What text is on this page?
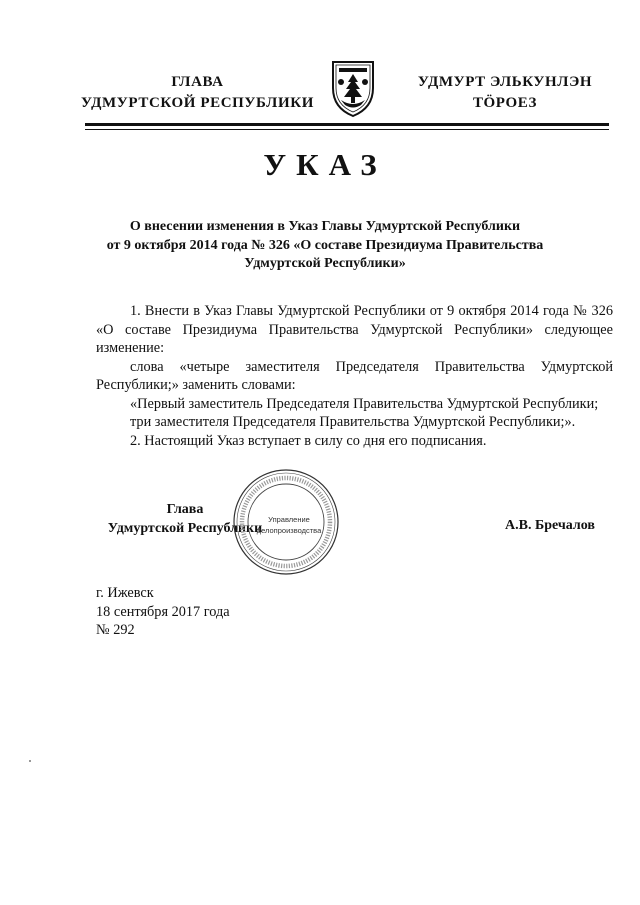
ГЛАВА
УДМУРТСКОЙ РЕСПУБЛИКИ
УДМУРТ ЭЛЬКУНЛЭН
ТÖРОЕЗ
УКАЗ
О внесении изменения в Указ Главы Удмуртской Республики
от 9 октября 2014 года № 326 «О составе Президиума Правительства
Удмуртской Республики»

1. Внести в Указ Главы Удмуртской Республики от 9 октября 2014 года № 326 «О составе Президиума Правительства Удмуртской Республики» следующее изменение:

слова «четыре заместителя Председателя Правительства Удмуртской Республики;» заменить словами:

«Первый заместитель Председателя Правительства Удмуртской Республики;

три заместителя Председателя Правительства Удмуртской Республики;».

2. Настоящий Указ вступает в силу со дня его подписания.

Глава
Удмуртской Республики
Управление
делопроизводства	А.В. Бречалов
г. Ижевск
18 сентября 2017 года
№ 292
